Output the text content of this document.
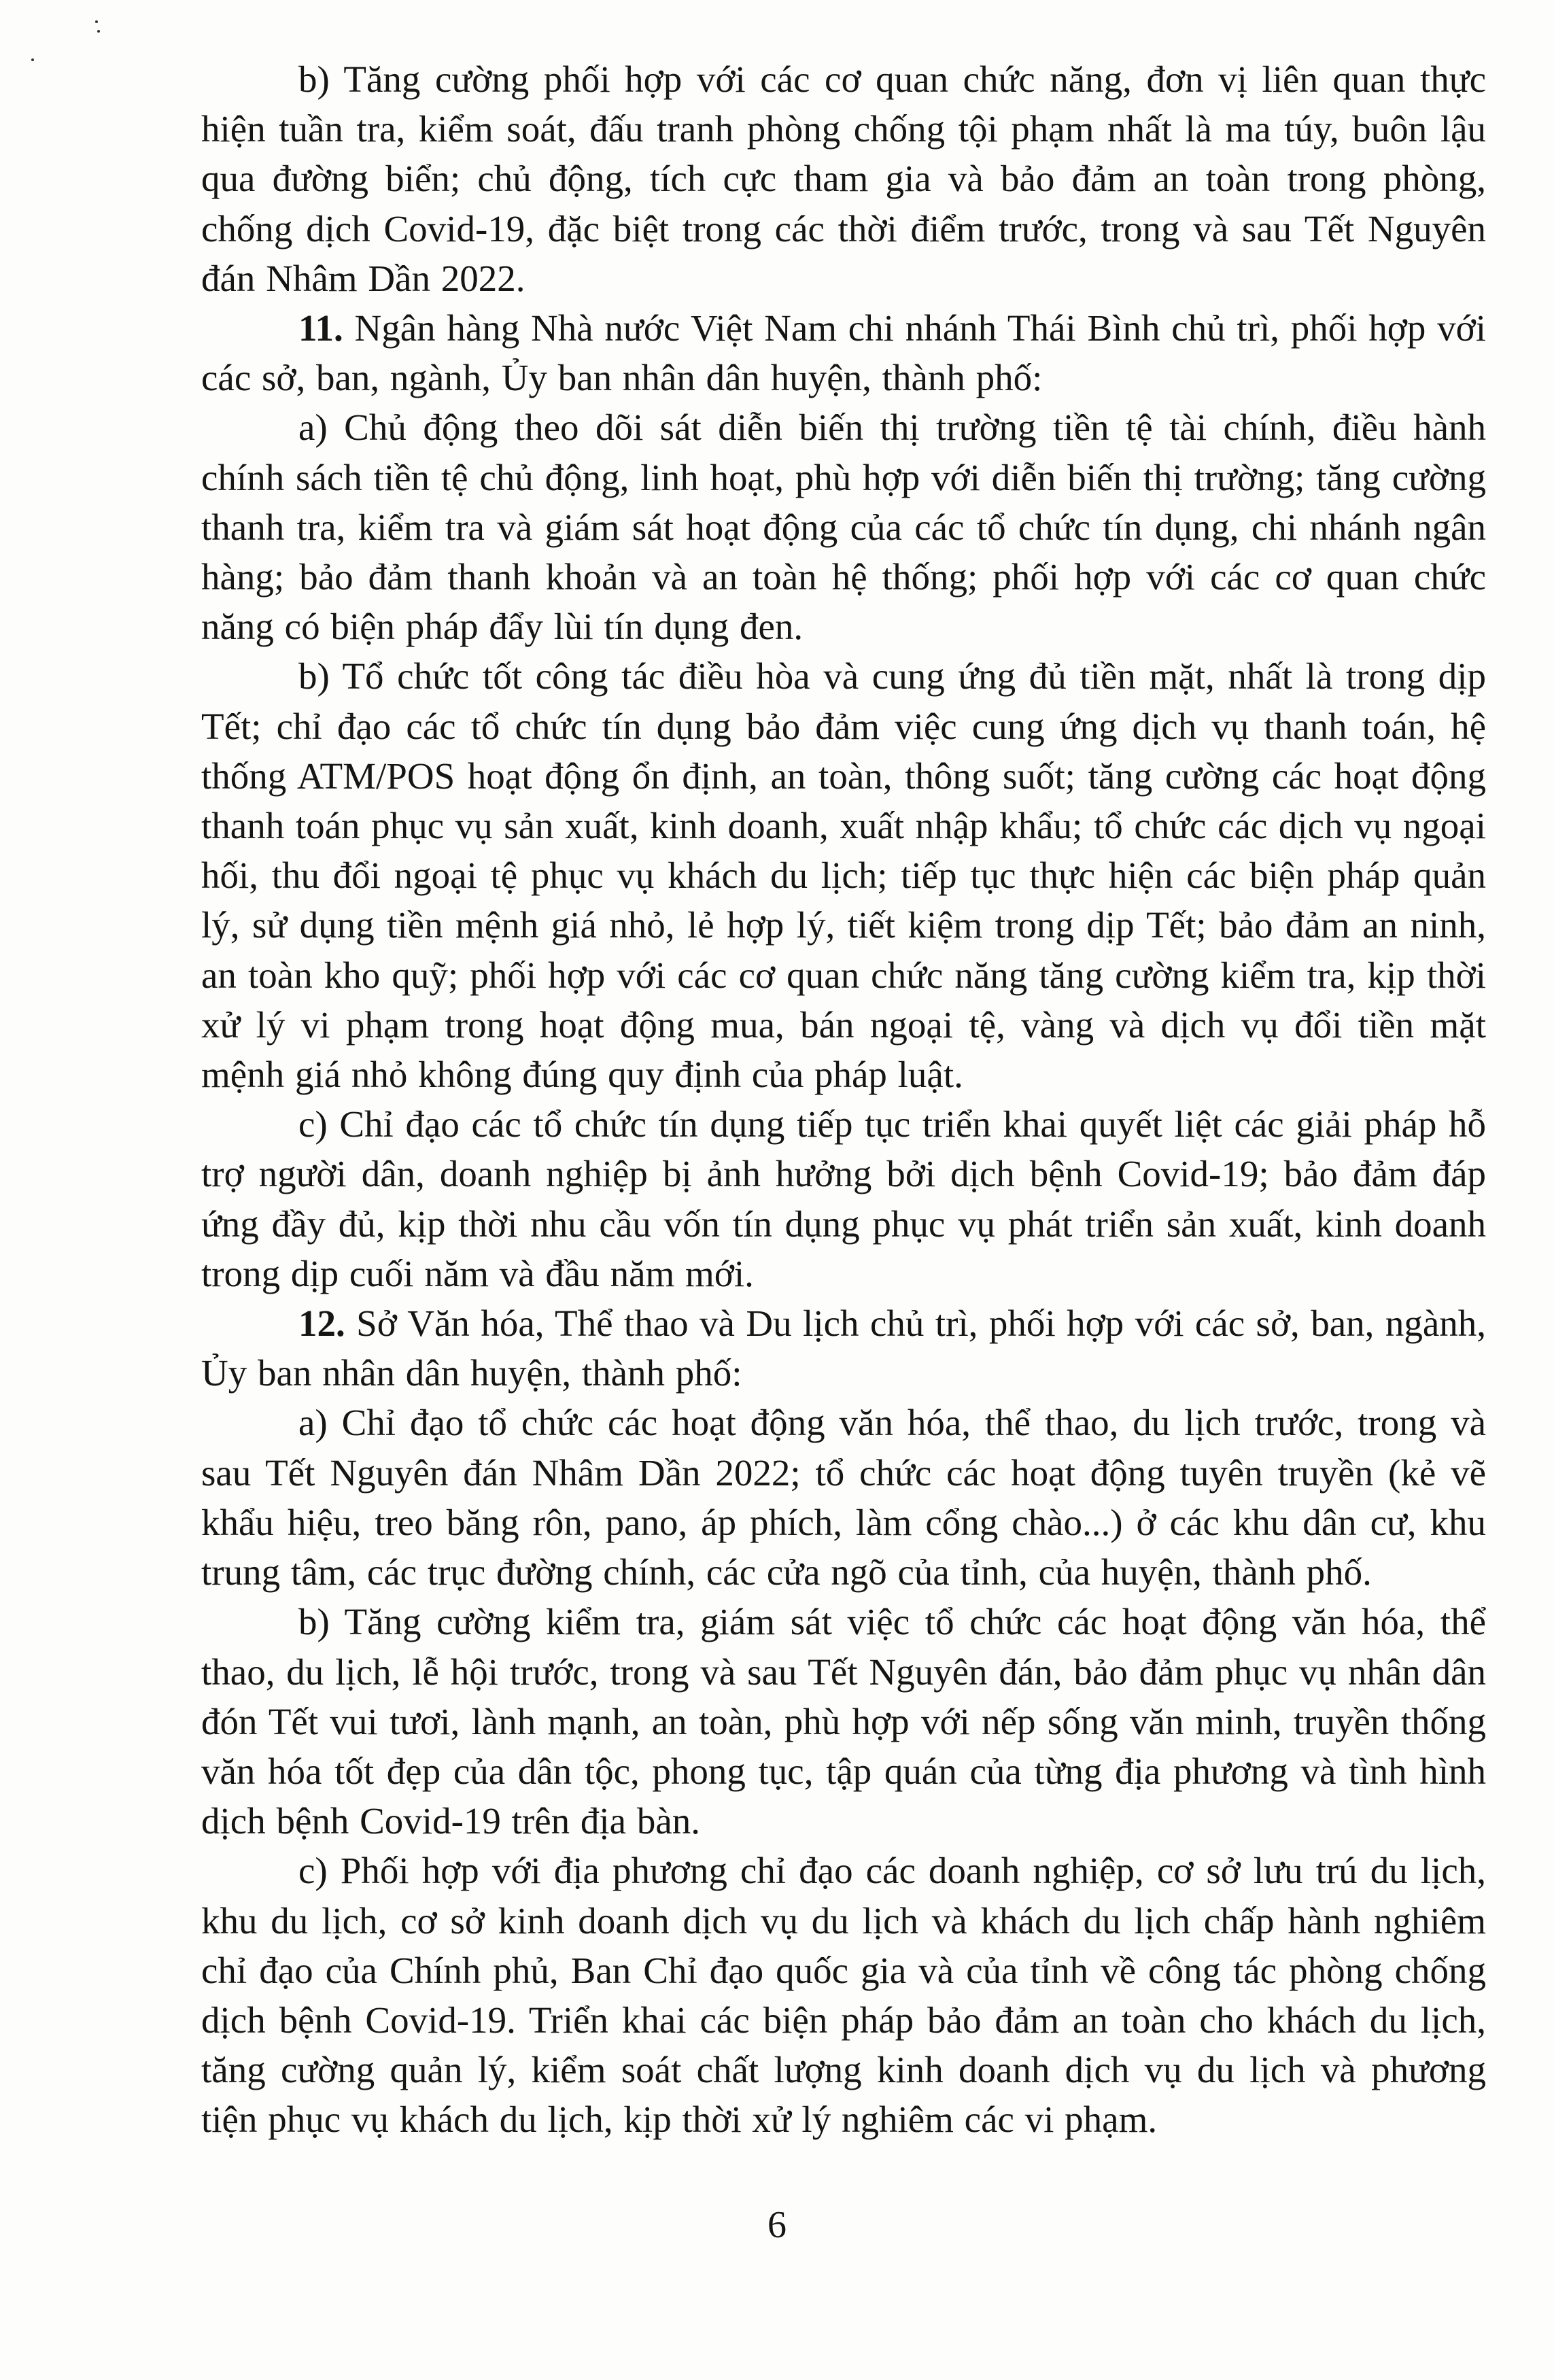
b) Tăng cường phối hợp với các cơ quan chức năng, đơn vị liên quan thực hiện tuần tra, kiểm soát, đấu tranh phòng chống tội phạm nhất là ma túy, buôn lậu qua đường biển; chủ động, tích cực tham gia và bảo đảm an toàn trong phòng, chống dịch Covid-19, đặc biệt trong các thời điểm trước, trong và sau Tết Nguyên đán Nhâm Dần 2022.

11. Ngân hàng Nhà nước Việt Nam chi nhánh Thái Bình chủ trì, phối hợp với các sở, ban, ngành, Ủy ban nhân dân huyện, thành phố:

a) Chủ động theo dõi sát diễn biến thị trường tiền tệ tài chính, điều hành chính sách tiền tệ chủ động, linh hoạt, phù hợp với diễn biến thị trường; tăng cường thanh tra, kiểm tra và giám sát hoạt động của các tổ chức tín dụng, chi nhánh ngân hàng; bảo đảm thanh khoản và an toàn hệ thống; phối hợp với các cơ quan chức năng có biện pháp đẩy lùi tín dụng đen.

b) Tổ chức tốt công tác điều hòa và cung ứng đủ tiền mặt, nhất là trong dịp Tết; chỉ đạo các tổ chức tín dụng bảo đảm việc cung ứng dịch vụ thanh toán, hệ thống ATM/POS hoạt động ổn định, an toàn, thông suốt; tăng cường các hoạt động thanh toán phục vụ sản xuất, kinh doanh, xuất nhập khẩu; tổ chức các dịch vụ ngoại hối, thu đổi ngoại tệ phục vụ khách du lịch; tiếp tục thực hiện các biện pháp quản lý, sử dụng tiền mệnh giá nhỏ, lẻ hợp lý, tiết kiệm trong dịp Tết; bảo đảm an ninh, an toàn kho quỹ; phối hợp với các cơ quan chức năng tăng cường kiểm tra, kịp thời xử lý vi phạm trong hoạt động mua, bán ngoại tệ, vàng và dịch vụ đổi tiền mặt mệnh giá nhỏ không đúng quy định của pháp luật.

c) Chỉ đạo các tổ chức tín dụng tiếp tục triển khai quyết liệt các giải pháp hỗ trợ người dân, doanh nghiệp bị ảnh hưởng bởi dịch bệnh Covid-19; bảo đảm đáp ứng đầy đủ, kịp thời nhu cầu vốn tín dụng phục vụ phát triển sản xuất, kinh doanh trong dịp cuối năm và đầu năm mới.

12. Sở Văn hóa, Thể thao và Du lịch chủ trì, phối hợp với các sở, ban, ngành, Ủy ban nhân dân huyện, thành phố:

a) Chỉ đạo tổ chức các hoạt động văn hóa, thể thao, du lịch trước, trong và sau Tết Nguyên đán Nhâm Dần 2022; tổ chức các hoạt động tuyên truyền (kẻ vẽ khẩu hiệu, treo băng rôn, pano, áp phích, làm cổng chào...) ở các khu dân cư, khu trung tâm, các trục đường chính, các cửa ngõ của tỉnh, của huyện, thành phố.

b) Tăng cường kiểm tra, giám sát việc tổ chức các hoạt động văn hóa, thể thao, du lịch, lễ hội trước, trong và sau Tết Nguyên đán, bảo đảm phục vụ nhân dân đón Tết vui tươi, lành mạnh, an toàn, phù hợp với nếp sống văn minh, truyền thống văn hóa tốt đẹp của dân tộc, phong tục, tập quán của từng địa phương và tình hình dịch bệnh Covid-19 trên địa bàn.

c) Phối hợp với địa phương chỉ đạo các doanh nghiệp, cơ sở lưu trú du lịch, khu du lịch, cơ sở kinh doanh dịch vụ du lịch và khách du lịch chấp hành nghiêm chỉ đạo của Chính phủ, Ban Chỉ đạo quốc gia và của tỉnh về công tác phòng chống dịch bệnh Covid-19. Triển khai các biện pháp bảo đảm an toàn cho khách du lịch, tăng cường quản lý, kiểm soát chất lượng kinh doanh dịch vụ du lịch và phương tiện phục vụ khách du lịch, kịp thời xử lý nghiêm các vi phạm.

6
